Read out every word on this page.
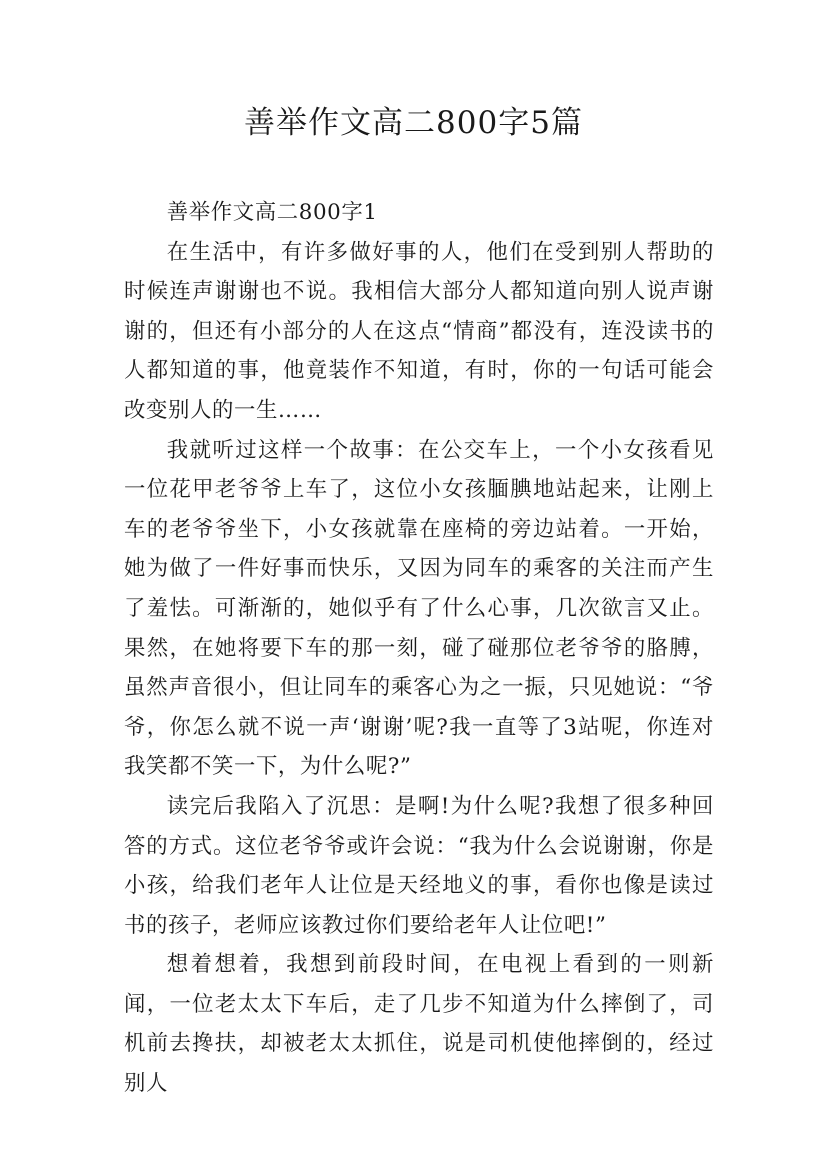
善举作文高二800字5篇

善举作文高二800字1

在生活中，有许多做好事的人，他们在受到别人帮助的时候连声谢谢也不说。我相信大部分人都知道向别人说声谢谢的，但还有小部分的人在这点“情商”都没有，连没读书的人都知道的事，他竟装作不知道，有时，你的一句话可能会改变别人的一生……

我就听过这样一个故事：在公交车上，一个小女孩看见一位花甲老爷爷上车了，这位小女孩腼腆地站起来，让刚上车的老爷爷坐下，小女孩就靠在座椅的旁边站着。一开始，她为做了一件好事而快乐，又因为同车的乘客的关注而产生了羞怯。可渐渐的，她似乎有了什么心事，几次欲言又止。果然，在她将要下车的那一刻，碰了碰那位老爷爷的胳膊，虽然声音很小，但让同车的乘客心为之一振，只见她说：“爷爷，你怎么就不说一声‘谢谢’呢?我一直等了3站呢，你连对我笑都不笑一下，为什么呢?”

读完后我陷入了沉思：是啊!为什么呢?我想了很多种回答的方式。这位老爷爷或许会说：“我为什么会说谢谢，你是小孩，给我们老年人让位是天经地义的事，看你也像是读过书的孩子，老师应该教过你们要给老年人让位吧!”

想着想着，我想到前段时间，在电视上看到的一则新闻，一位老太太下车后，走了几步不知道为什么摔倒了，司机前去搀扶，却被老太太抓住，说是司机使他摔倒的，经过别人
